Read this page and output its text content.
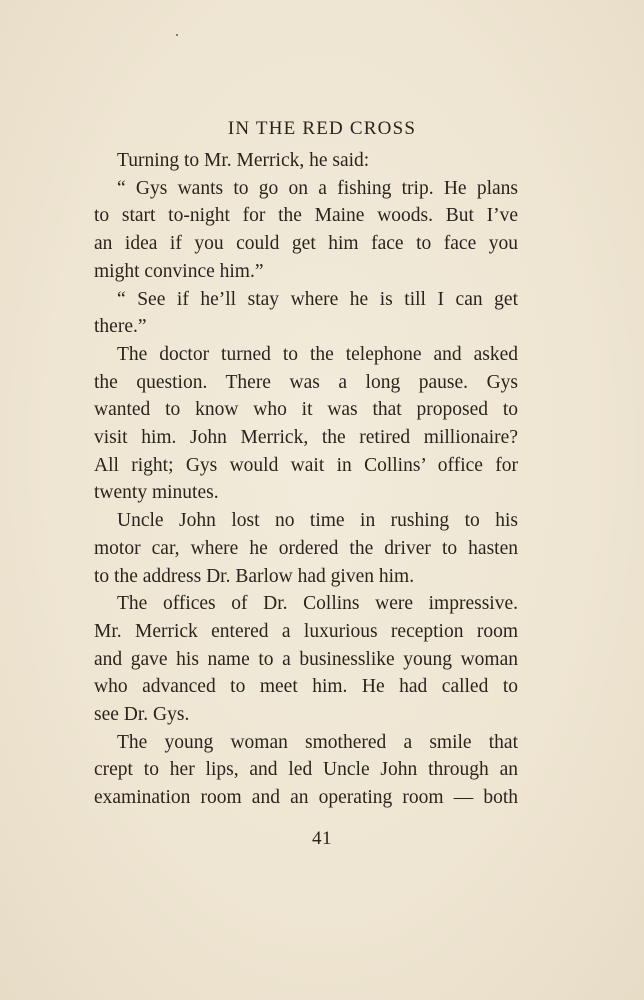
IN THE RED CROSS

Turning to Mr. Merrick, he said:

“ Gys wants to go on a fishing trip. He plans
to start to-night for the Maine woods. But I’ve
an idea if you could get him face to face you
might convince him.”

“ See if he’ll stay where he is till I can get
there.”

The doctor turned to the telephone and asked
the question. There was a long pause. Gys
wanted to know who it was that proposed to
visit him. John Merrick, the retired millionaire?
All right; Gys would wait in Collins’ office for
twenty minutes.

Uncle John lost no time in rushing to his
motor car, where he ordered the driver to hasten
to the address Dr. Barlow had given him.

The offices of Dr. Collins were impressive.
Mr. Merrick entered a luxurious reception room
and gave his name to a businesslike young woman
who advanced to meet him. He had called to
see Dr. Gys.

The young woman smothered a smile that
crept to her lips, and led Uncle John through an
examination room and an operating room — both

41
